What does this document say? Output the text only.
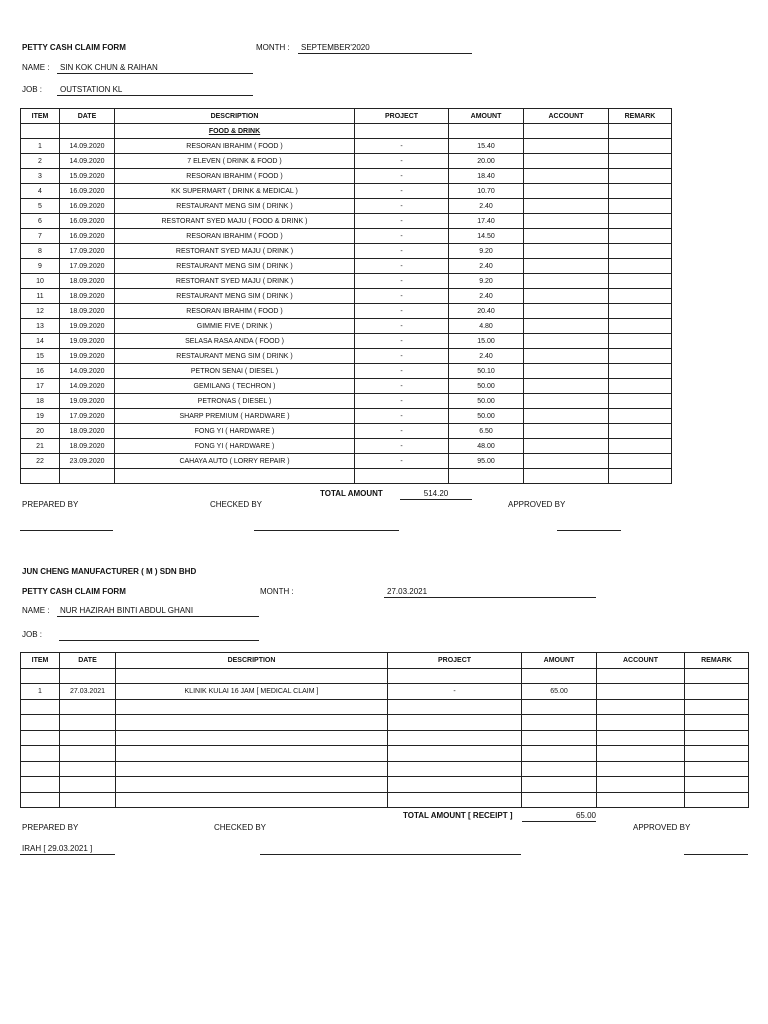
PETTY CASH CLAIM FORM	MONTH :	SEPTEMBER'2020
NAME :	SIN KOK CHUN & RAIHAN
JOB :	OUTSTATION KL
ITEM	DATE	DESCRIPTION	PROJECT	AMOUNT	ACCOUNT	REMARK
		FOOD & DRINK				
1	14.09.2020	RESORAN IBRAHIM ( FOOD )	-	15.40		
2	14.09.2020	7 ELEVEN ( DRINK & FOOD )	-	20.00		
3	15.09.2020	RESORAN IBRAHIM ( FOOD )	-	18.40		
4	16.09.2020	KK SUPERMART ( DRINK & MEDICAL )	-	10.70		
5	16.09.2020	RESTAURANT MENG SIM ( DRINK )	-	2.40		
6	16.09.2020	RESTORANT SYED MAJU ( FOOD & DRINK )	-	17.40		
7	16.09.2020	RESORAN IBRAHIM ( FOOD )	-	14.50		
8	17.09.2020	RESTORANT SYED MAJU ( DRINK )	-	9.20		
9	17.09.2020	RESTAURANT MENG SIM ( DRINK )	-	2.40		
10	18.09.2020	RESTORANT SYED MAJU ( DRINK )	-	9.20		
11	18.09.2020	RESTAURANT MENG SIM ( DRINK )	-	2.40		
12	18.09.2020	RESORAN IBRAHIM ( FOOD )	-	20.40		
13	19.09.2020	GIMMIE FIVE ( DRINK )	-	4.80		
14	19.09.2020	SELASA RASA ANDA ( FOOD )	-	15.00		
15	19.09.2020	RESTAURANT MENG SIM ( DRINK )	-	2.40		
16	14.09.2020	PETRON SENAI ( DIESEL )	-	50.10		
17	14.09.2020	GEMILANG ( TECHRON )	-	50.00		
18	19.09.2020	PETRONAS ( DIESEL )	-	50.00		
19	17.09.2020	SHARP PREMIUM ( HARDWARE )	-	50.00		
20	18.09.2020	FONG YI ( HARDWARE )	-	6.50		
21	18.09.2020	FONG YI ( HARDWARE )	-	48.00		
22	23.09.2020	CAHAYA AUTO ( LORRY REPAIR )	-	95.00		

TOTAL AMOUNT	514.20
PREPARED BY	CHECKED BY	APPROVED BY
JUN CHENG MANUFACTURER ( M ) SDN BHD
PETTY CASH CLAIM FORM	MONTH :	27.03.2021
NAME :	NUR HAZIRAH BINTI ABDUL GHANI
JOB :
ITEM	DATE	DESCRIPTION	PROJECT	AMOUNT	ACCOUNT	REMARK

1	27.03.2021	KLINIK KULAI 16 JAM [ MEDICAL CLAIM ]	-	65.00		

TOTAL AMOUNT [ RECEIPT ]	65.00
PREPARED BY	CHECKED BY	APPROVED BY
IRAH [ 29.03.2021 ]
